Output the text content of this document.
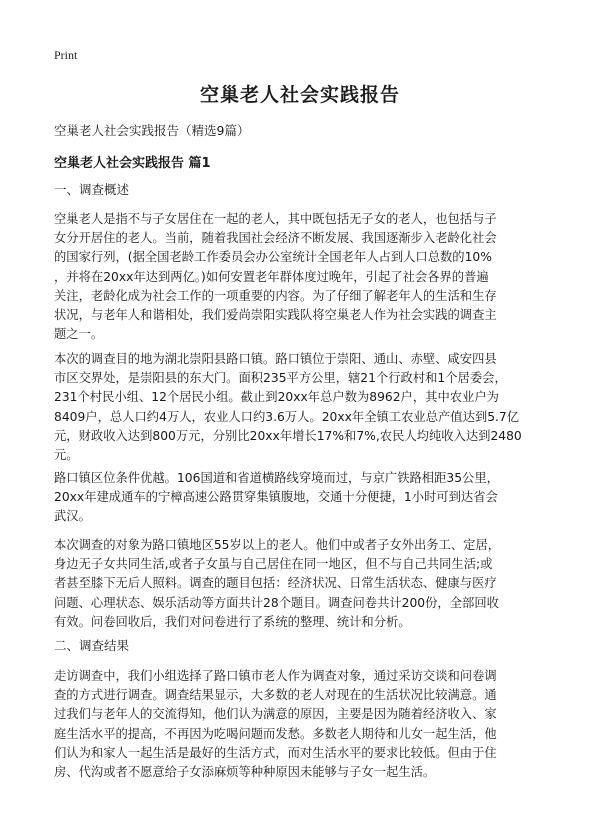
Print
空巢老人社会实践报告
空巢老人社会实践报告（精选9篇）
空巢老人社会实践报告 篇1
一、调查概述
空巢老人是指不与子女居住在一起的老人，其中既包括无子女的老人，也包括与子
女分开居住的老人。当前，随着我国社会经济不断发展、我国逐渐步入老龄化社会
的国家行列，(据全国老龄工作委员会办公室统计全国老年人占到人口总数的10%
，并将在20xx年达到两亿。)如何安置老年群体度过晚年，引起了社会各界的普遍
关注，老龄化成为社会工作的一项重要的内容。为了仔细了解老年人的生活和生存
状况，与老年人和谐相处，我们爱尚崇阳实践队将空巢老人作为社会实践的调查主
题之一。
本次的调查目的地为湖北崇阳县路口镇。路口镇位于崇阳、通山、赤壁、咸安四县
市区交界处，是崇阳县的东大门。面积235平方公里，辖21个行政村和1个居委会，
231个村民小组、12个居民小组。截止到20xx年总户数为8962户，其中农业户为
8409户，总人口约4万人，农业人口约3.6万人。20xx年全镇工农业总产值达到5.7亿
元，财政收入达到800万元，分别比20xx年增长17%和7%,农民人均纯收入达到2480
元。
路口镇区位条件优越。106国道和省道横路线穿境而过，与京广铁路相距35公里，
20xx年建成通车的宁樟高速公路贯穿集镇腹地，交通十分便捷，1小时可到达省会
武汉。
本次调查的对象为路口镇地区55岁以上的老人。他们中或者子女外出务工、定居，
身边无子女共同生活,或者子女虽与自己居住在同一地区，但不与自己共同生活;或
者甚至膝下无后人照料。调查的题目包括：经济状况、日常生活状态、健康与医疗
问题、心理状态、娱乐活动等方面共计28个题目。调查问卷共计200份，全部回收
有效。问卷回收后，我们对问卷进行了系统的整理、统计和分析。
二、调查结果
走访调查中，我们小组选择了路口镇市老人作为调查对象，通过采访交谈和问卷调
查的方式进行调查。调查结果显示，大多数的老人对现在的生活状况比较满意。通
过我们与老年人的交流得知，他们认为满意的原因，主要是因为随着经济收入、家
庭生活水平的提高，不再因为吃喝问题而发愁。多数老人期待和儿女一起生活，他
们认为和家人一起生活是最好的生活方式，而对生活水平的要求比较低。但由于住
房、代沟或者不愿意给子女添麻烦等种种原因未能够与子女一起生活。
